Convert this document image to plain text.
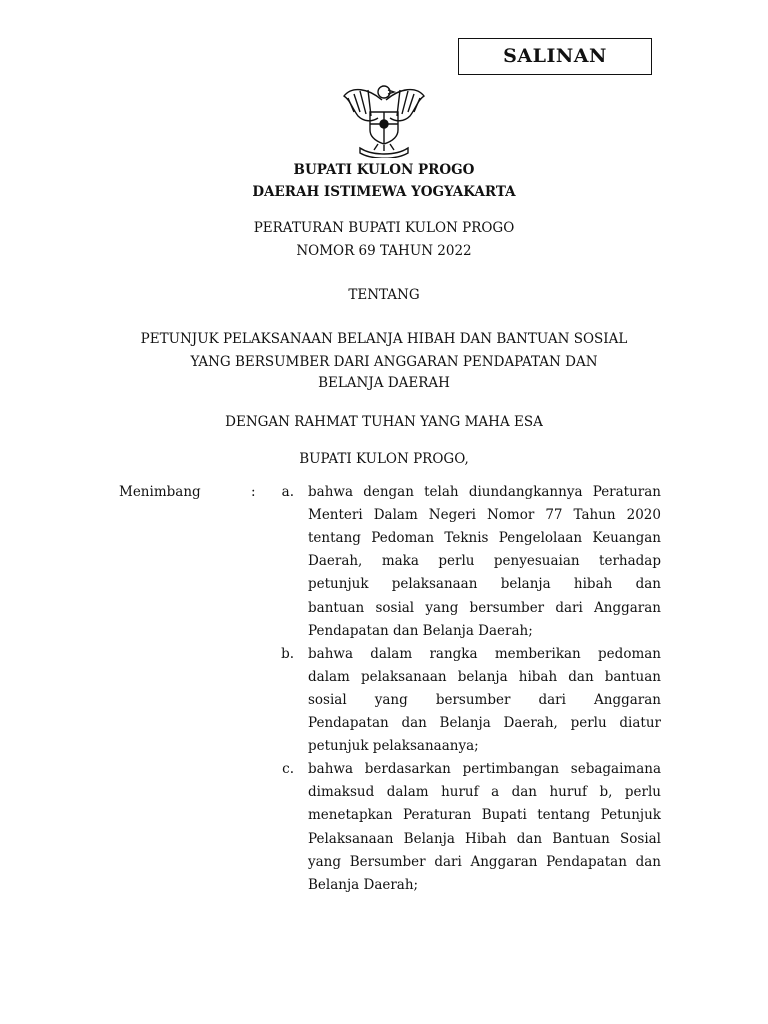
SALINAN
BUPATI KULON PROGO
DAERAH ISTIMEWA YOGYAKARTA
PERATURAN BUPATI KULON PROGO
NOMOR 69 TAHUN 2022
TENTANG
PETUNJUK PELAKSANAAN BELANJA HIBAH DAN BANTUAN SOSIAL
YANG BERSUMBER DARI ANGGARAN PENDAPATAN DAN
BELANJA DAERAH
DENGAN RAHMAT TUHAN YANG MAHA ESA
BUPATI KULON PROGO,
Menimbang	:	a. bahwa dengan telah diundangkannya Peraturan
Menteri Dalam Negeri Nomor 77 Tahun 2020
tentang Pedoman Teknis Pengelolaan Keuangan
Daerah, maka perlu penyesuaian terhadap
petunjuk pelaksanaan belanja hibah dan
bantuan sosial yang bersumber dari Anggaran
Pendapatan dan Belanja Daerah;
b. bahwa dalam rangka memberikan pedoman
dalam pelaksanaan belanja hibah dan bantuan
sosial yang bersumber dari Anggaran
Pendapatan dan Belanja Daerah, perlu diatur
petunjuk pelaksanaanya;
c. bahwa berdasarkan pertimbangan sebagaimana
dimaksud dalam huruf a dan huruf b, perlu
menetapkan Peraturan Bupati tentang Petunjuk
Pelaksanaan Belanja Hibah dan Bantuan Sosial
yang Bersumber dari Anggaran Pendapatan dan
Belanja Daerah;
